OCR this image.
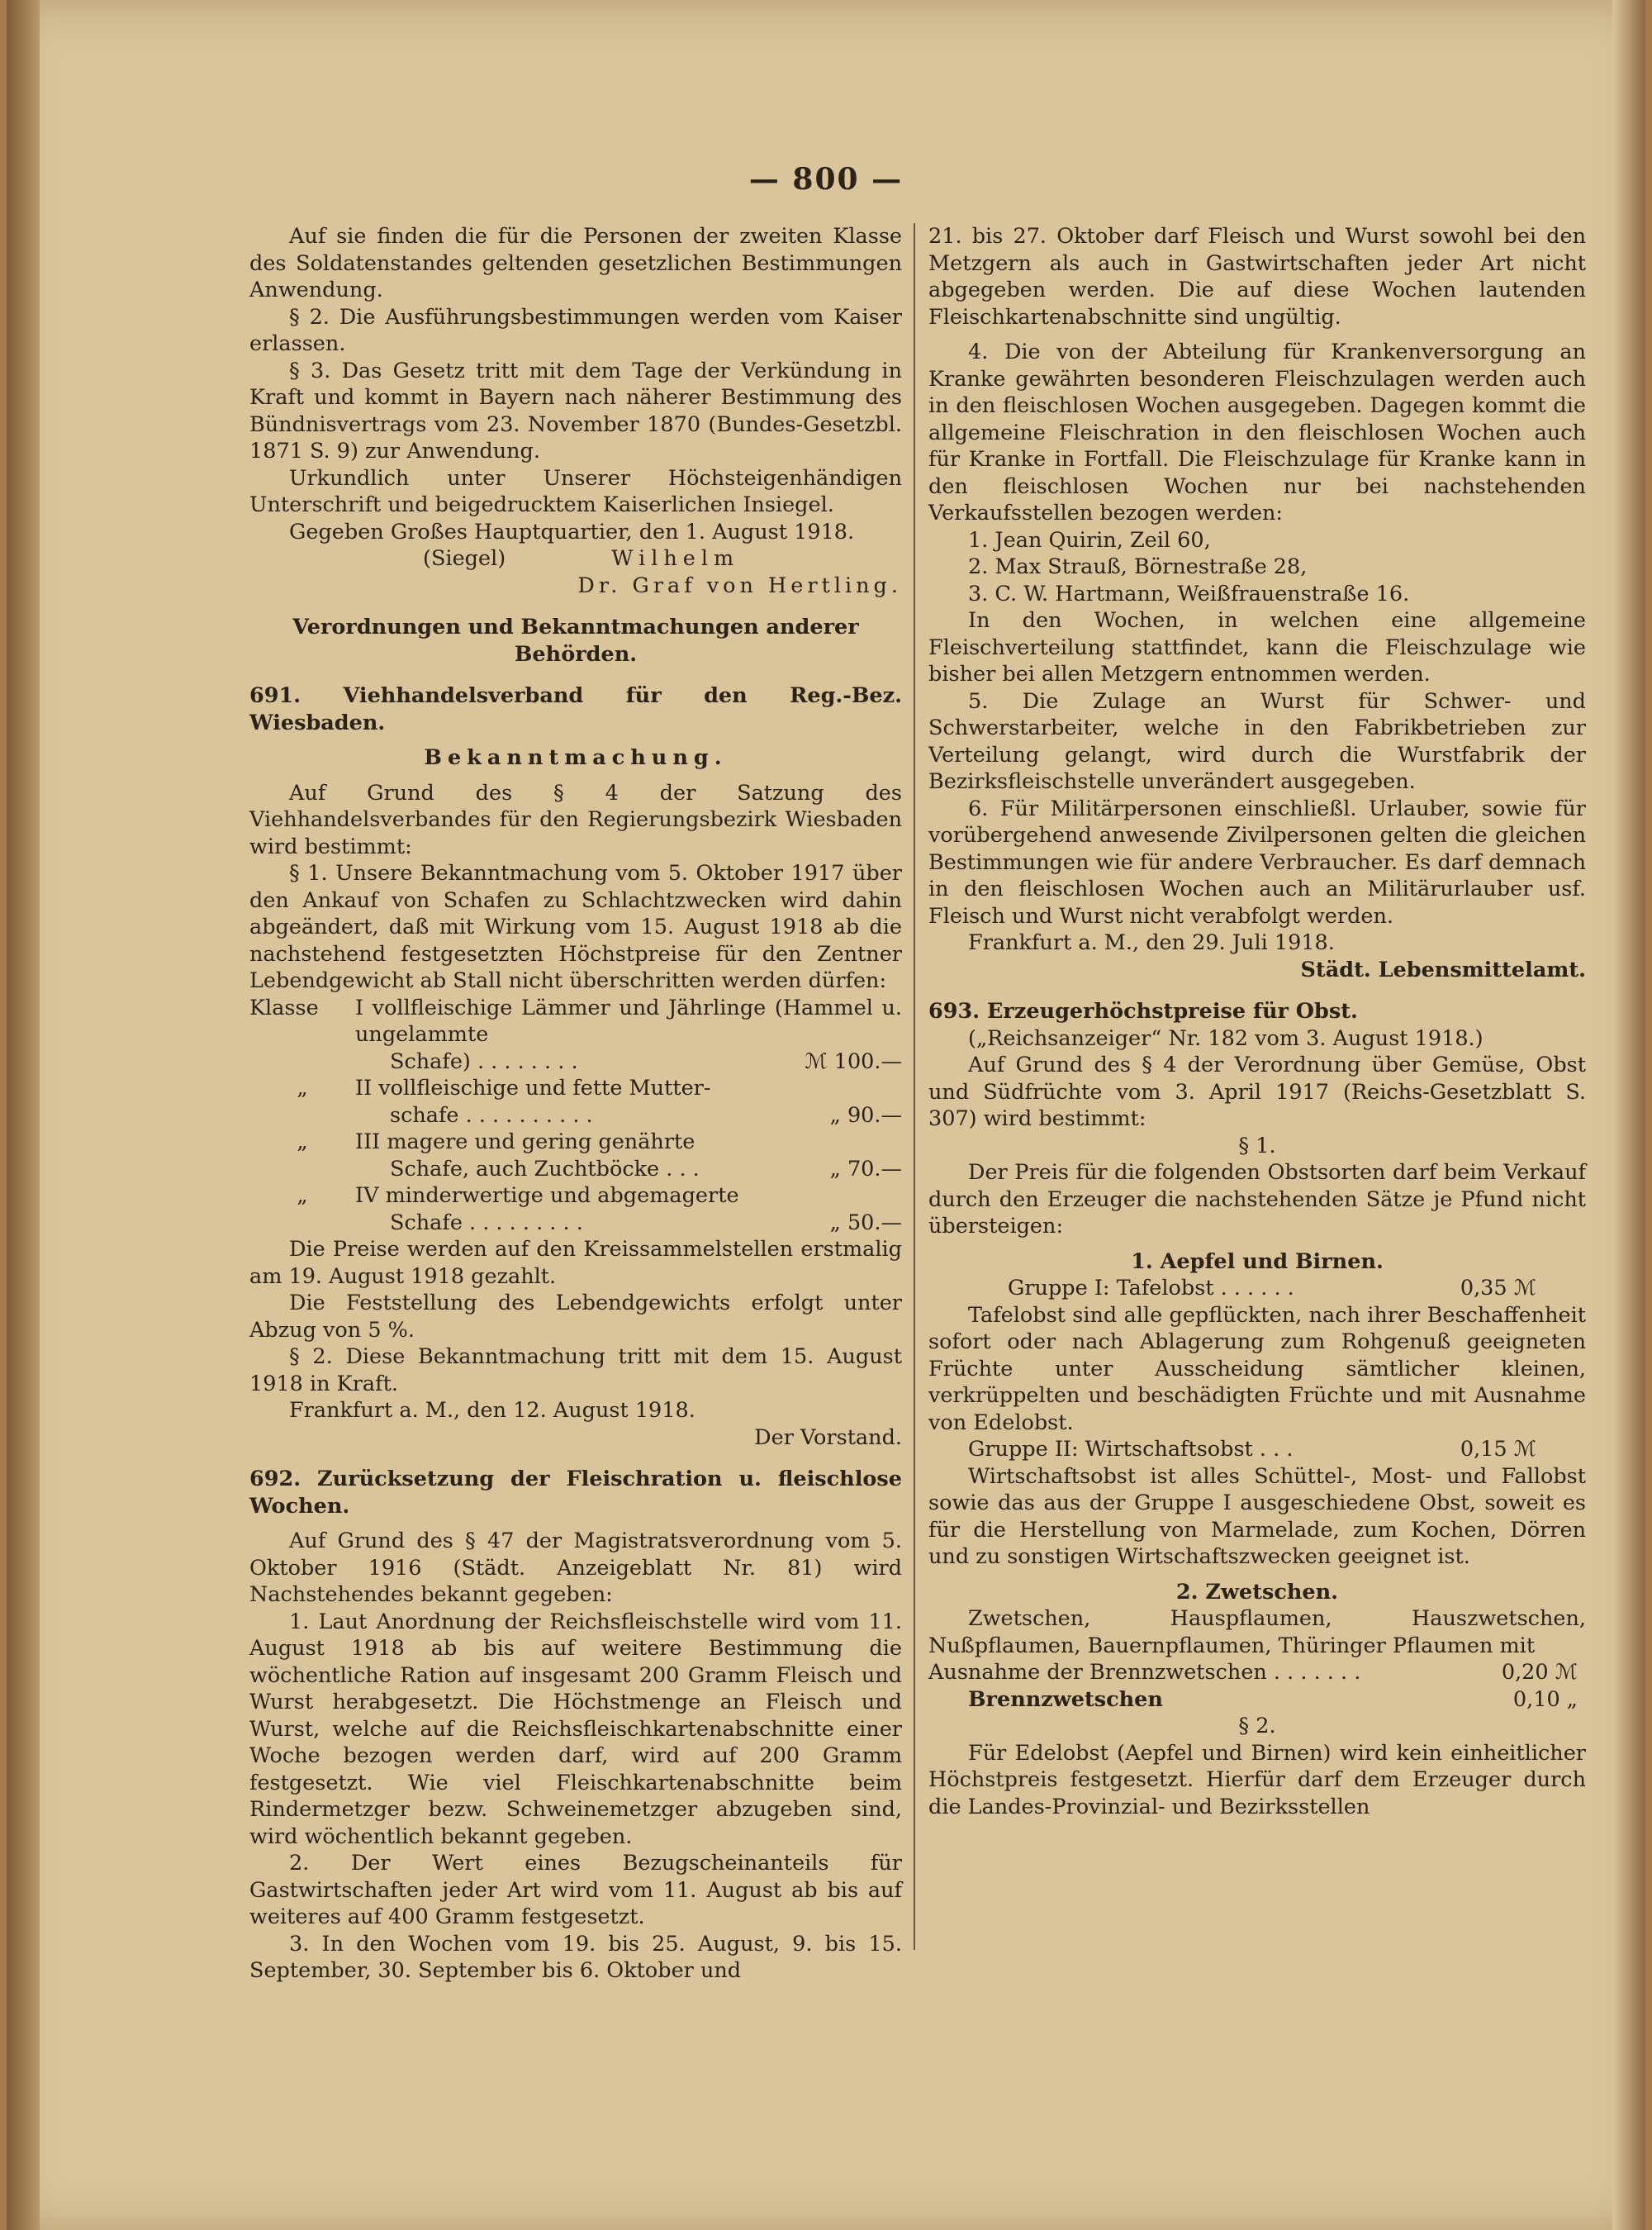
— 800 —

Auf sie finden die für die Personen der zweiten Klasse des Soldatenstandes geltenden gesetzlichen Bestimmungen Anwendung.

§ 2. Die Ausführungsbestimmungen werden vom Kaiser erlassen.

§ 3. Das Gesetz tritt mit dem Tage der Verkündung in Kraft und kommt in Bayern nach näherer Bestimmung des Bündnisvertrags vom 23. November 1870 (Bundes-Gesetzbl. 1871 S. 9) zur Anwendung.

Urkundlich unter Unserer Höchsteigenhändigen Unterschrift und beigedrucktem Kaiserlichen Insiegel.

Gegeben Großes Hauptquartier, den 1. August 1918.

(Siegel)	Wilhelm

Dr. Graf von Hertling.

Verordnungen und Bekanntmachungen anderer Behörden.

691. Viehhandelsverband für den Reg.-Bez. Wiesbaden.

Bekanntmachung.

Auf Grund des § 4 der Satzung des Viehhandelsverbandes für den Regierungsbezirk Wiesbaden wird bestimmt:

§ 1. Unsere Bekanntmachung vom 5. Oktober 1917 über den Ankauf von Schafen zu Schlachtzwecken wird dahin abgeändert, daß mit Wirkung vom 15. August 1918 ab die nachstehend festgesetzten Höchstpreise für den Zentner Lebendgewicht ab Stall nicht überschritten werden dürfen:

Klasse	I vollfleischige Lämmer und Jährlinge (Hammel u. ungelammte
Schafe) . . . . . . . .	ℳ 100.—
„	II vollfleischige und fette Mutter-
schafe . . . . . . . . . .	„ 90.—
„	III magere und gering genährte
Schafe, auch Zuchtböcke . . .	„ 70.—
„	IV minderwertige und abgemagerte
Schafe . . . . . . . . .	„ 50.—

Die Preise werden auf den Kreissammelstellen erstmalig am 19. August 1918 gezahlt.

Die Feststellung des Lebendgewichts erfolgt unter Abzug von 5 %.

§ 2. Diese Bekanntmachung tritt mit dem 15. August 1918 in Kraft.

Frankfurt a. M., den 12. August 1918.

Der Vorstand.

692. Zurücksetzung der Fleischration u. fleischlose Wochen.

Auf Grund des § 47 der Magistratsverordnung vom 5. Oktober 1916 (Städt. Anzeigeblatt Nr. 81) wird Nachstehendes bekannt gegeben:

1. Laut Anordnung der Reichsfleischstelle wird vom 11. August 1918 ab bis auf weitere Bestimmung die wöchentliche Ration auf insgesamt 200 Gramm Fleisch und Wurst herabgesetzt. Die Höchstmenge an Fleisch und Wurst, welche auf die Reichsfleischkartenabschnitte einer Woche bezogen werden darf, wird auf 200 Gramm festgesetzt. Wie viel Fleischkartenabschnitte beim Rindermetzger bezw. Schweinemetzger abzugeben sind, wird wöchentlich bekannt gegeben.

2. Der Wert eines Bezugscheinanteils für Gastwirtschaften jeder Art wird vom 11. August ab bis auf weiteres auf 400 Gramm festgesetzt.

3. In den Wochen vom 19. bis 25. August, 9. bis 15. September, 30. September bis 6. Oktober und

21. bis 27. Oktober darf Fleisch und Wurst sowohl bei den Metzgern als auch in Gastwirtschaften jeder Art nicht abgegeben werden. Die auf diese Wochen lautenden Fleischkartenabschnitte sind ungültig.

4. Die von der Abteilung für Krankenversorgung an Kranke gewährten besonderen Fleischzulagen werden auch in den fleischlosen Wochen ausgegeben. Dagegen kommt die allgemeine Fleischration in den fleischlosen Wochen auch für Kranke in Fortfall. Die Fleischzulage für Kranke kann in den fleischlosen Wochen nur bei nachstehenden Verkaufsstellen bezogen werden:

1. Jean Quirin, Zeil 60,

2. Max Strauß, Börnestraße 28,

3. C. W. Hartmann, Weißfrauenstraße 16.

In den Wochen, in welchen eine allgemeine Fleischverteilung stattfindet, kann die Fleischzulage wie bisher bei allen Metzgern entnommen werden.

5. Die Zulage an Wurst für Schwer- und Schwerstarbeiter, welche in den Fabrikbetrieben zur Verteilung gelangt, wird durch die Wurstfabrik der Bezirksfleischstelle unverändert ausgegeben.

6. Für Militärpersonen einschließl. Urlauber, sowie für vorübergehend anwesende Zivilpersonen gelten die gleichen Bestimmungen wie für andere Verbraucher. Es darf demnach in den fleischlosen Wochen auch an Militärurlauber usf. Fleisch und Wurst nicht verabfolgt werden.

Frankfurt a. M., den 29. Juli 1918.

Städt. Lebensmittelamt.

693. Erzeugerhöchstpreise für Obst.

(„Reichsanzeiger“ Nr. 182 vom 3. August 1918.)

Auf Grund des § 4 der Verordnung über Gemüse, Obst und Südfrüchte vom 3. April 1917 (Reichs-Gesetzblatt S. 307) wird bestimmt:

§ 1.

Der Preis für die folgenden Obstsorten darf beim Verkauf durch den Erzeuger die nachstehenden Sätze je Pfund nicht übersteigen:

1. Aepfel und Birnen.

Gruppe I: Tafelobst . . . . . .	0,35 ℳ

Tafelobst sind alle gepflückten, nach ihrer Beschaffenheit sofort oder nach Ablagerung zum Rohgenuß geeigneten Früchte unter Ausscheidung sämtlicher kleinen, verkrüppelten und beschädigten Früchte und mit Ausnahme von Edelobst.

Gruppe II: Wirtschaftsobst . . .	0,15 ℳ

Wirtschaftsobst ist alles Schüttel-, Most- und Fallobst sowie das aus der Gruppe I ausgeschiedene Obst, soweit es für die Herstellung von Marmelade, zum Kochen, Dörren und zu sonstigen Wirtschaftszwecken geeignet ist.

2. Zwetschen.

Zwetschen, Hauspflaumen, Hauszwetschen, Nußpflaumen, Bauernpflaumen, Thüringer Pflaumen mit

Ausnahme der Brennzwetschen . . . . . . .	0,20 ℳ
Brennzwetschen	0,10 „

§ 2.

Für Edelobst (Aepfel und Birnen) wird kein einheitlicher Höchstpreis festgesetzt. Hierfür darf dem Erzeuger durch die Landes-Provinzial- und Bezirksstellen
